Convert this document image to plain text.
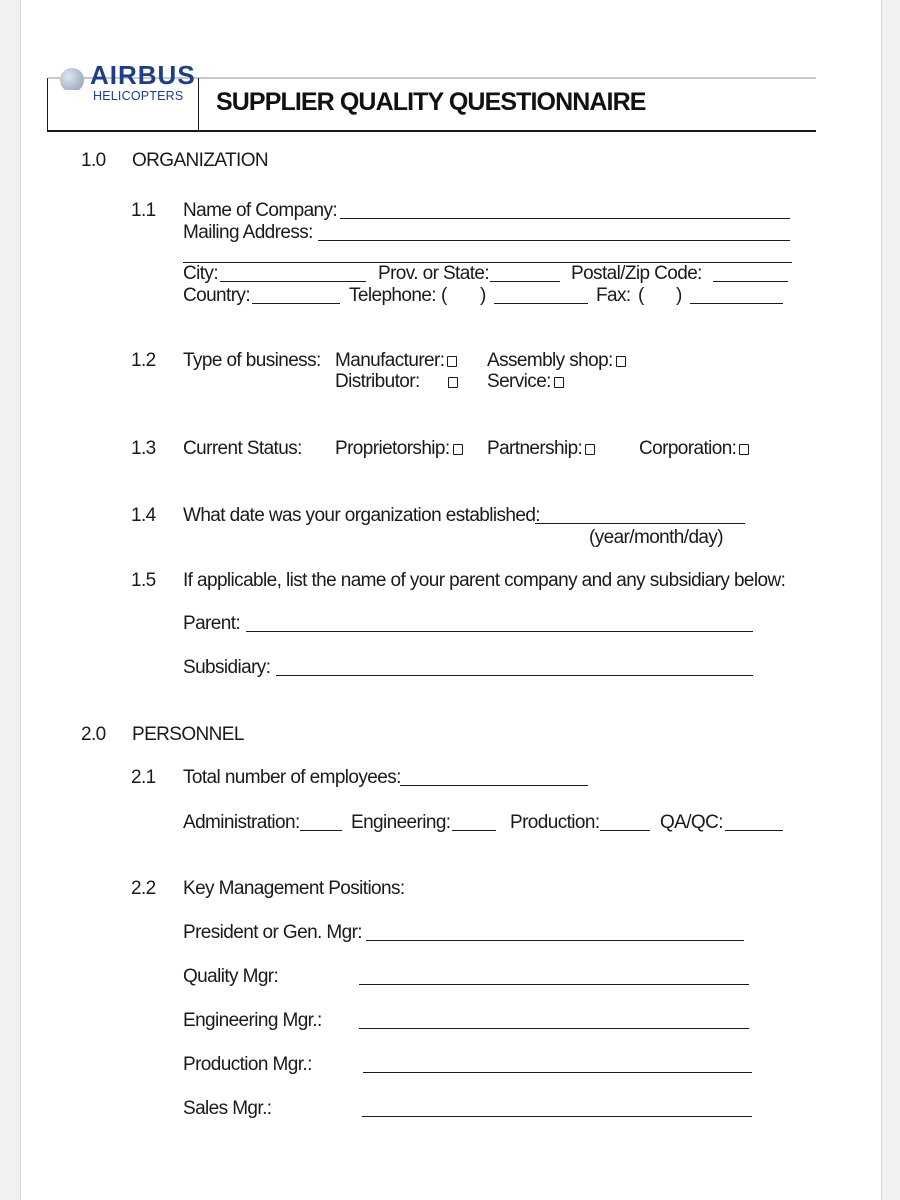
AIRBUS
HELICOPTERS SUPPLIER QUALITY QUESTIONNAIRE
1.0 ORGANIZATION
1.1 Name of Company:
Mailing Address:
City:	Prov. or State:	Postal/Zip Code:
Country:	Telephone: ( )	Fax: ( )
1.2 Type of business: Manufacturer:	Assembly shop:
Distributor:	Service:
1.3 Current Status: Proprietorship:	Partnership:	Corporation:
1.4 What date was your organization established:
(year/month/day)
1.5 If applicable, list the name of your parent company and any subsidiary below:
Parent:
Subsidiary:
2.0 PERSONNEL
2.1 Total number of employees:
Administration:	Engineering:	Production:	QA/QC:
2.2 Key Management Positions:
President or Gen. Mgr:
Quality Mgr:
Engineering Mgr.:
Production Mgr.:
Sales Mgr.:
